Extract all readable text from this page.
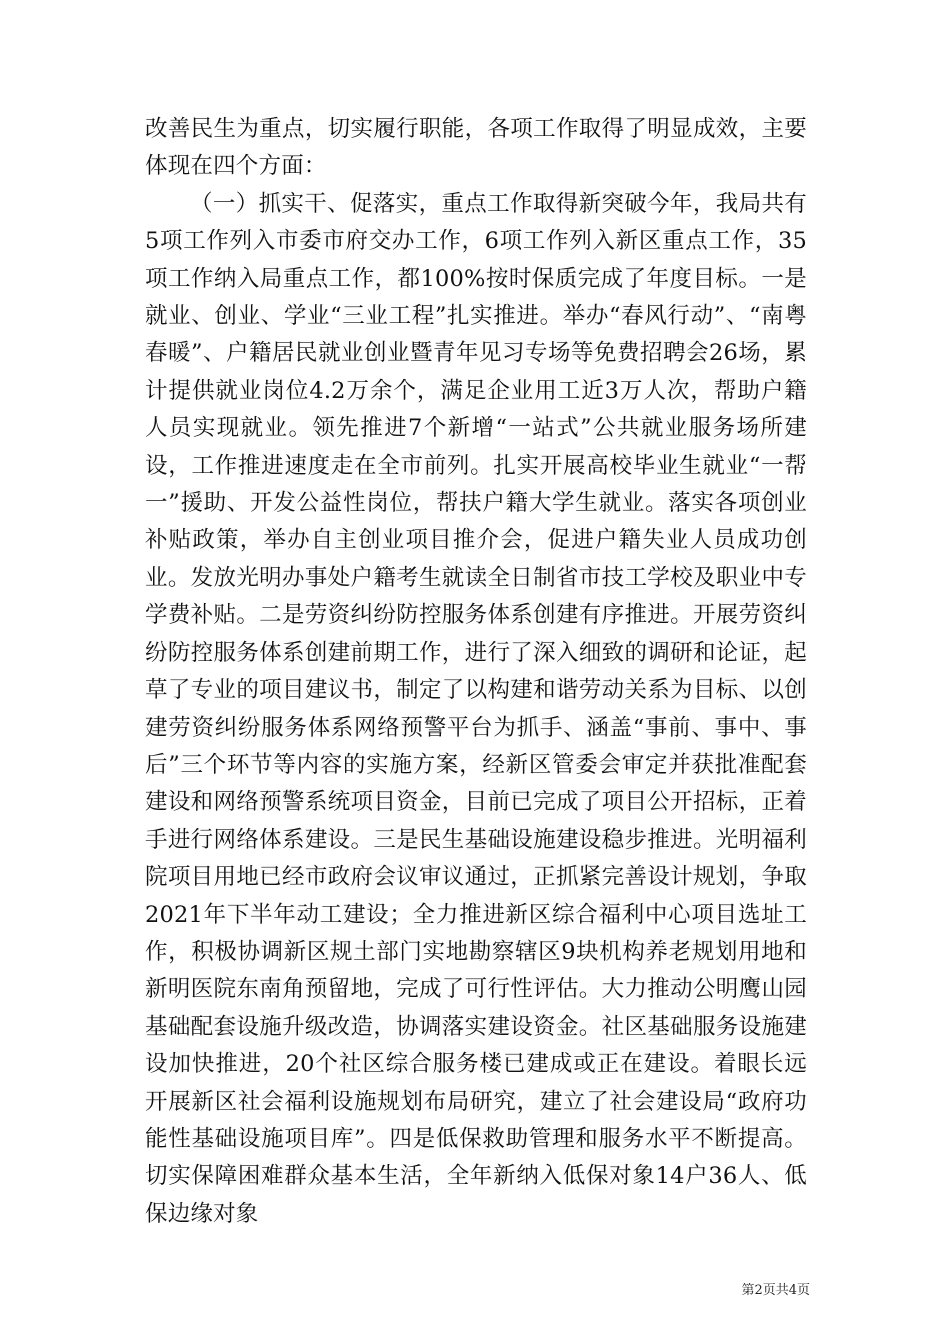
改善民生为重点，切实履行职能，各项工作取得了明显成效，主要体现在四个方面：

（一）抓实干、促落实，重点工作取得新突破今年，我局共有5项工作列入市委市府交办工作，6项工作列入新区重点工作，35项工作纳入局重点工作，都100%按时保质完成了年度目标。一是就业、创业、学业“三业工程”扎实推进。举办“春风行动”、“南粤春暖”、户籍居民就业创业暨青年见习专场等免费招聘会26场，累计提供就业岗位4.2万余个，满足企业用工近3万人次，帮助户籍人员实现就业。领先推进7个新增“一站式”公共就业服务场所建设，工作推进速度走在全市前列。扎实开展高校毕业生就业“一帮一”援助、开发公益性岗位，帮扶户籍大学生就业。落实各项创业补贴政策，举办自主创业项目推介会，促进户籍失业人员成功创业。发放光明办事处户籍考生就读全日制省市技工学校及职业中专学费补贴。二是劳资纠纷防控服务体系创建有序推进。开展劳资纠纷防控服务体系创建前期工作，进行了深入细致的调研和论证，起草了专业的项目建议书，制定了以构建和谐劳动关系为目标、以创建劳资纠纷服务体系网络预警平台为抓手、涵盖“事前、事中、事后”三个环节等内容的实施方案，经新区管委会审定并获批准配套建设和网络预警系统项目资金，目前已完成了项目公开招标，正着手进行网络体系建设。三是民生基础设施建设稳步推进。光明福利院项目用地已经市政府会议审议通过，正抓紧完善设计规划，争取2021年下半年动工建设；全力推进新区综合福利中心项目选址工作，积极协调新区规土部门实地勘察辖区9块机构养老规划用地和新明医院东南角预留地，完成了可行性评估。大力推动公明鹰山园基础配套设施升级改造，协调落实建设资金。社区基础服务设施建设加快推进，20个社区综合服务楼已建成或正在建设。着眼长远开展新区社会福利设施规划布局研究，建立了社会建设局“政府功能性基础设施项目库”。四是低保救助管理和服务水平不断提高。切实保障困难群众基本生活，全年新纳入低保对象14户36人、低保边缘对象

第2页共4页
